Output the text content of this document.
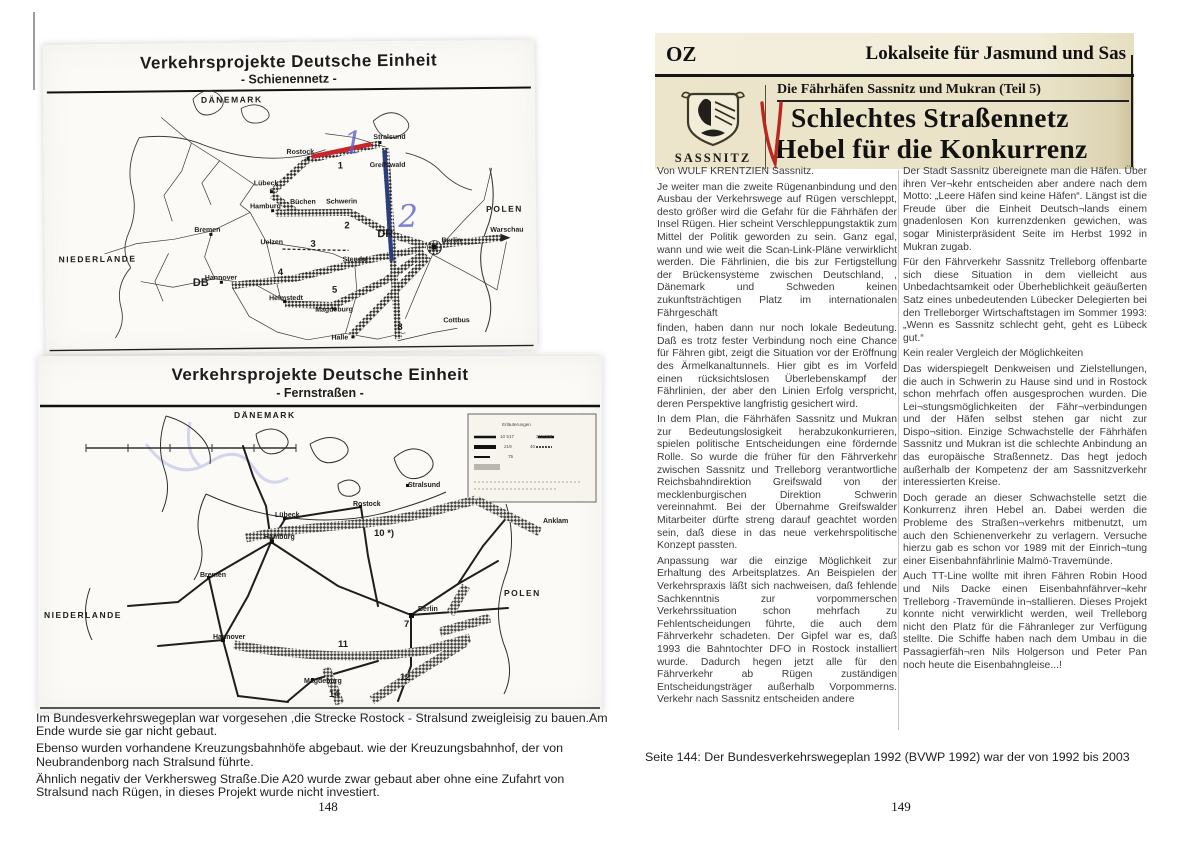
Verkehrsprojekte Deutsche Einheit
- Schienennetz -
DÄNEMARK
NIEDERLANDE
POLEN
DB
DR
Rostock
Stralsund
Greifswald
Lübeck
Hamburg
Büchen Schwerin
Bremen
Uelzen
Stendal
Hannover
Helmstedt
Magdeburg
Halle
Berlin
Warschau
Cottbus
1
2
3
4
5
8
1
2
Verkehrsprojekte Deutsche Einheit
- Fernstraßen -
DÄNEMARK
NIEDERLANDE
POLEN
Stralsund
Rostock
Lübeck
Anklam
Hamburg
Bremen
Hannover
Magdeburg
Berlin
10 *)
11
12
14
7
Erläuterungen
10 517	211 108
219	40
75

Im Bundesverkehrswegeplan war vorgesehen ,die Strecke Rostock - Stralsund zweigleisig zu bauen.Am Ende wurde sie gar nicht gebaut.

Ebenso wurden vorhandene Kreuzungsbahnhöfe abgebaut. wie der Kreuzungsbahnhof, der von Neubrandenborg nach Stralsund führte.

Ähnlich negativ der Verkhersweg Straße.Die A20 wurde zwar gebaut aber ohne eine Zufahrt von Stralsund nach Rügen, in dieses Projekt wurde nicht investiert.

148
OZ	Lokalseite für Jasmund und Sas
SASSNITZ
Die Fährhäfen Sassnitz und Mukran (Teil 5)
Schlechtes Straßennetz
Hebel für die Konkurrenz

Von WULF KRENTZIEN Sassnitz.

Je weiter man die zweite Rügenanbindung und den Ausbau der Verkehrswege auf Rügen verschleppt, desto größer wird die Gefahr für die Fährhäfen der Insel Rügen. Hier scheint Verschleppungstaktik zum Mittel der Politik geworden zu sein. Ganz egal, wann und wie weit die Scan-Link-Pläne verwirklicht werden. Die Fährlinien, die bis zur Fertigstellung der Brückensysteme zwischen Deutschland, , Dänemark und Schweden keinen zukunftsträchtigen Platz im internationalen Fährgeschäft

finden, haben dann nur noch lokale Bedeutung. Daß es trotz fester Verbindung noch eine Chance für Fähren gibt, zeigt die Situation vor der Eröffnung des Ärmelkanaltunnels. Hier gibt es im Vorfeld einen rücksichtslosen Überlebenskampf der Fährlinien, der aber den Linien Erfolg verspricht, deren Perspektive langfristig gesichert wird.

In dem Plan, die Fährhäfen Sassnitz und Mukran zur Bedeutungslosigkeit herabzukonkurrieren, spielen politische Entscheidungen eine fördernde Rolle. So wurde die früher für den Fährverkehr zwischen Sassnitz und Trelleborg verantwortliche Reichsbahndirektion Greifswald von der mecklenburgischen Direktion Schwerin vereinnahmt. Bei der Übernahme Greifswalder Mitarbeiter dürfte streng darauf geachtet worden sein, daß diese in das neue verkehrspolitische Konzept passten.

Anpassung war die einzige Möglichkeit zur Erhaltung des Arbeitsplatzes. An Beispielen der Verkehrspraxis läßt sich nachweisen, daß fehlende Sachkenntnis zur vorpommerschen Verkehrssituation schon mehrfach zu Fehlentscheidungen führte, die auch dem Fährverkehr schadeten. Der Gipfel war es, daß 1993 die Bahntochter DFO in Rostock installiert wurde. Dadurch hegen jetzt alle für den Fährverkehr ab Rügen zuständigen Entscheidungsträger außerhalb Vorpommerns. Verkehr nach Sassnitz entscheiden andere

Der Stadt Sassnitz übereignete man die Häfen. Über ihren Ver¬kehr entscheiden aber andere nach dem Motto: „Leere Häfen sind keine Häfen“. Längst ist die Freude über die Einheit Deutsch¬lands einem gnadenlosen Kon kurrenzdenken gewichen, was sogar Ministerpräsident Seite im Herbst 1992 in Mukran zugab.

Für den Fährverkehr Sassnitz Trelleborg offenbarte sich diese Situation in dem vielleicht aus Unbedachtsamkeit oder Überheblichkeit geäußerten Satz eines unbedeutenden Lübecker Delegierten bei den Trelleborger Wirtschaftstagen im Sommer 1993: „Wenn es Sassnitz schlecht geht, geht es Lübeck gut.“

Kein realer Vergleich der Möglichkeiten

Das widerspiegelt Denkweisen und Zielstellungen, die auch in Schwerin zu Hause sind und in Rostock schon mehrfach offen ausgesprochen wurden. Die Lei¬stungsmöglichkeiten der Fähr¬verbindungen und der Häfen selbst stehen gar nicht zur Dispo¬sition. Einzige Schwachstelle der Fährhäfen Sassnitz und Mukran ist die schlechte Anbindung an das europäische Straßennetz. Das hegt jedoch außerhalb der Kompetenz der am Sassnitzverkehr interessierten Kreise.

Doch gerade an dieser Schwachstelle setzt die Konkurrenz ihren Hebel an. Dabei werden die Probleme des Straßen¬verkehrs mitbenutzt, um auch den Schienenverkehr zu verlagern. Versuche hierzu gab es schon vor 1989 mit der Einrich¬tung einer Eisenbahnfährlinie Malmö-Travemünde.

Auch TT-Line wollte mit ihren Fähren Robin Hood und Nils Dacke einen Eisenbahnfährver¬kehr Trelleborg -Travemünde in¬stallieren. Dieses Projekt konnte nicht verwirklicht werden, weil Trelleborg nicht den Platz für die Fähranleger zur Verfügung stellte. Die Schiffe haben nach dem Umbau in die Passagierfäh¬ren Nils Holgerson und Peter Pan noch heute die Eisenbahngleise...!

Seite 144: Der Bundesverkehrswegeplan 1992 (BVWP 1992) war der von 1992 bis 2003
149
